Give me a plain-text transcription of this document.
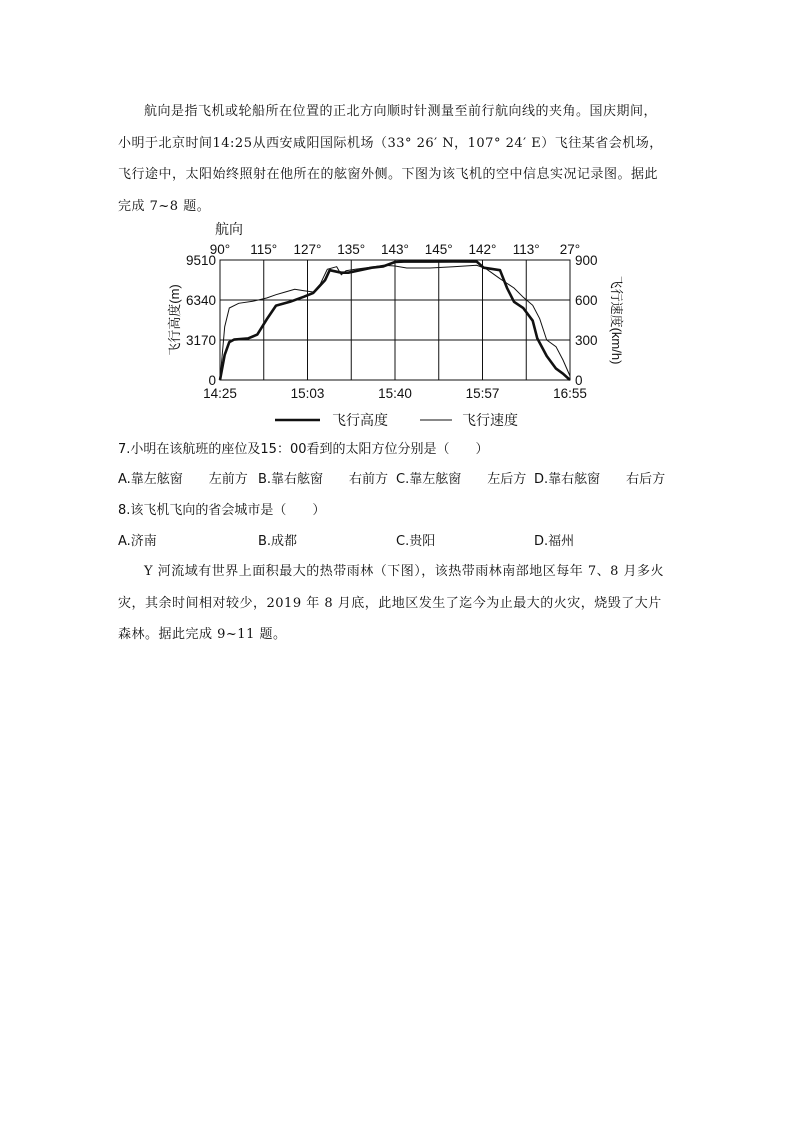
航向是指飞机或轮船所在位置的正北方向顺时针测量至前行航向线的夹角。国庆期间，

小明于北京时间14:25从西安咸阳国际机场（33° 26′ N，107° 24′ E）飞往某省会机场，

飞行途中，太阳始终照射在他所在的舷窗外侧。下图为该飞机的空中信息实况记录图。据此

完成 7~8 题。

航向
90° 115° 127° 135° 143° 145° 142° 113° 27°
0
3170
6340
9510
0
300
600
900
14:25	15:03	15:40	15:57	16:55
飞行高度(m)	飞行速度(km/h)
飞行高度	飞行速度
7.小明在该航班的座位及15：00看到的太阳方位分别是（　　）
A.靠左舷窗　　左前方 B.靠右舷窗　　右前方 C.靠左舷窗　　左后方 D.靠右舷窗　　右后方
8.该飞机飞向的省会城市是（　　）
A.济南	B.成都	C.贵阳	D.福州

Y 河流域有世界上面积最大的热带雨林（下图），该热带雨林南部地区每年 7、8 月多火

灾，其余时间相对较少，2019 年 8 月底，此地区发生了迄今为止最大的火灾，烧毁了大片

森林。据此完成 9~11 题。
